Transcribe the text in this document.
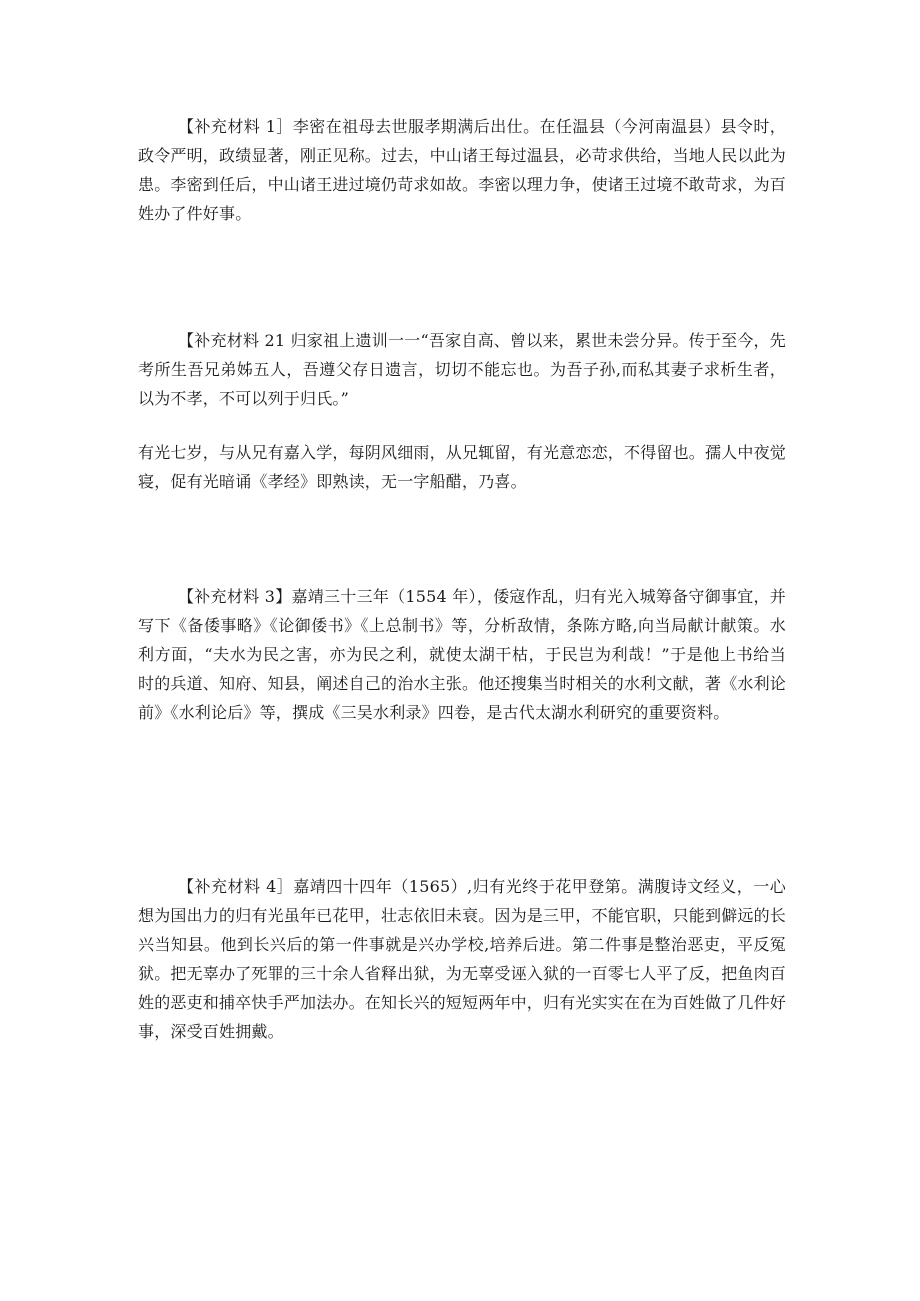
【补充材料 1］李密在祖母去世服孝期满后出仕。在任温县（今河南温县）县令时，政令严明，政绩显著，刚正见称。过去，中山诸王每过温县，必苛求供给，当地人民以此为患。李密到任后，中山诸王进过境仍苛求如故。李密以理力争，使诸王过境不敢苛求，为百姓办了件好事。

【补充材料 21 归家祖上遗训一一“吾家自高、曾以来，累世未尝分异。传于至今，先考所生吾兄弟姊五人，吾遵父存日遗言，切切不能忘也。为吾子孙,而私其妻子求析生者，以为不孝，不可以列于归氏。”

有光七岁，与从兄有嘉入学，每阴风细雨，从兄辄留，有光意恋恋，不得留也。孺人中夜觉寝，促有光暗诵《孝经》即熟读，无一字船醋，乃喜。

【补充材料 3】嘉靖三十三年（1554 年），倭寇作乱，归有光入城筹备守御事宜，并写下《备倭事略》《论御倭书》《上总制书》等，分析敌情，条陈方略,向当局献计献策。水利方面，“夫水为民之害，亦为民之利，就使太湖干枯，于民岂为利哉！”于是他上书给当时的兵道、知府、知县，阐述自己的治水主张。他还搜集当时相关的水利文献，著《水利论前》《水利论后》等，撰成《三吴水利录》四卷，是古代太湖水利研究的重要资料。

【补充材料 4］嘉靖四十四年（1565）,归有光终于花甲登第。满腹诗文经义，一心想为国出力的归有光虽年已花甲，壮志依旧未衰。因为是三甲，不能官职，只能到僻远的长兴当知县。他到长兴后的第一件事就是兴办学校,培养后进。第二件事是整治恶吏，平反冤狱。把无辜办了死罪的三十余人省释出狱，为无辜受诬入狱的一百零七人平了反，把鱼肉百姓的恶吏和捕卒快手严加法办。在知长兴的短短两年中，归有光实实在在为百姓做了几件好事，深受百姓拥戴。
